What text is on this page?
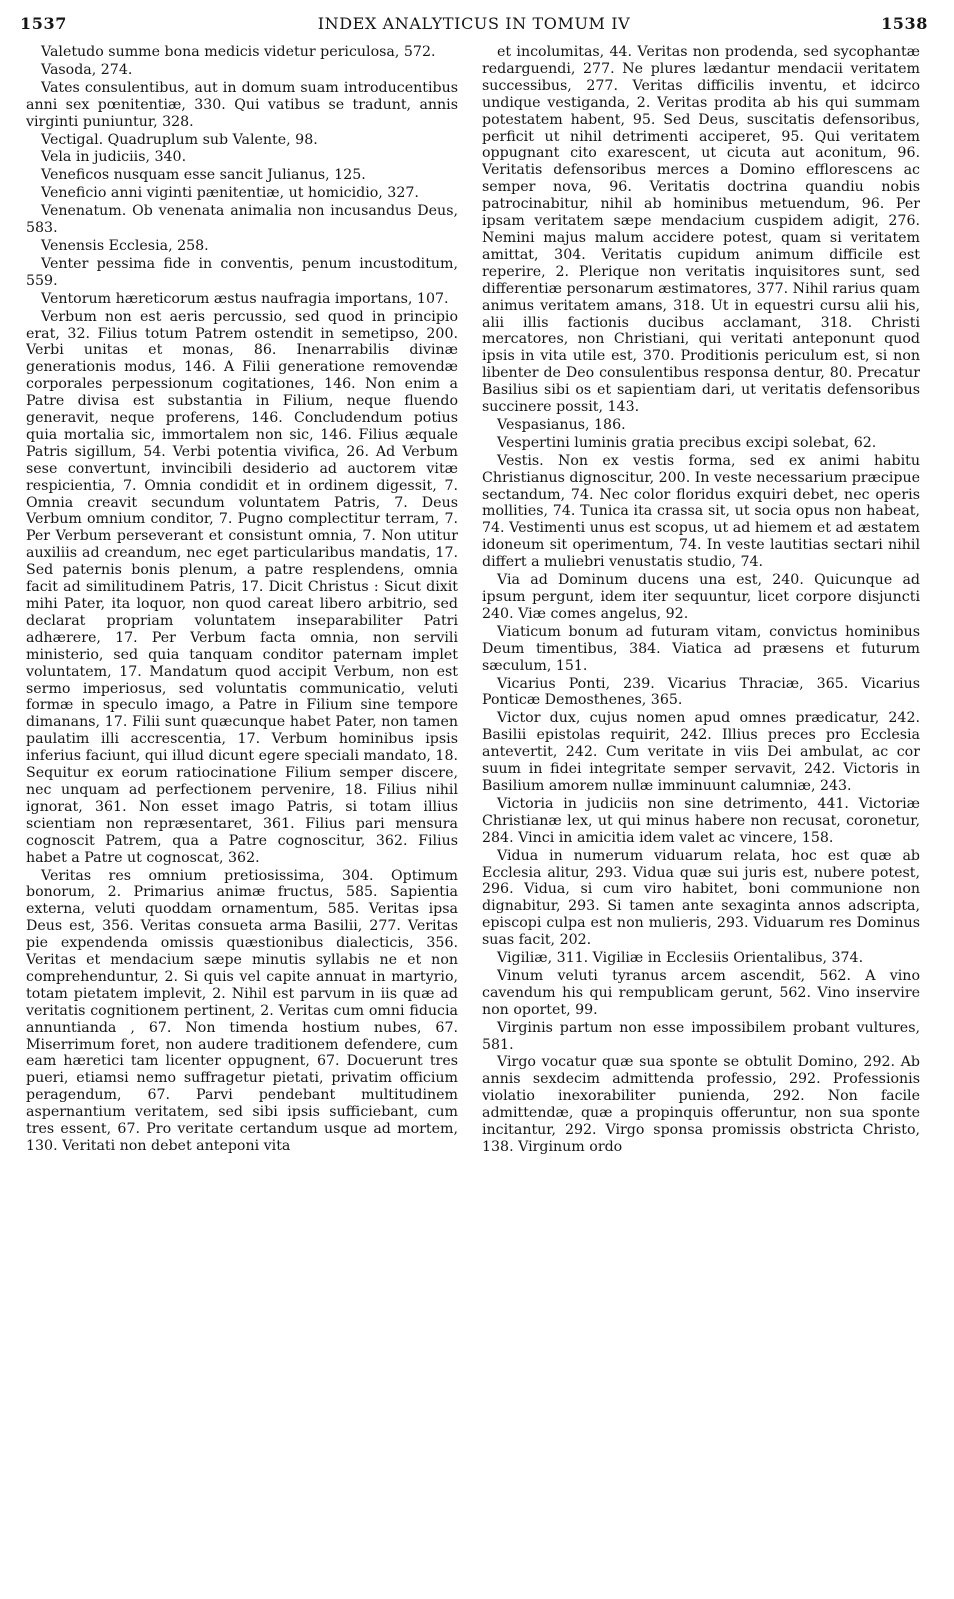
1537	INDEX ANALYTICUS IN TOMUM IV	1538

Valetudo summe bona medicis videtur periculosa, 572.

Vasoda, 274.

Vates consulentibus, aut in domum suam introducentibus anni sex pœnitentiæ, 330. Qui vatibus se tradunt, annis virginti puniuntur, 328.

Vectigal. Quadruplum sub Valente, 98.

Vela in judiciis, 340.

Veneficos nusquam esse sancit Julianus, 125.

Veneficio anni viginti pænitentiæ, ut homicidio, 327.

Venenatum. Ob venenata animalia non incusandus Deus, 583.

Venensis Ecclesia, 258.

Venter pessima fide in conventis, penum incustoditum, 559.

Ventorum hæreticorum æstus naufragia importans, 107.

Verbum non est aeris percussio, sed quod in principio erat, 32. Filius totum Patrem ostendit in semetipso, 200. Verbi unitas et monas, 86. Inenarrabilis divinæ generationis modus, 146. A Filii generatione removendæ corporales perpessionum cogitationes, 146. Non enim a Patre divisa est substantia in Filium, neque fluendo generavit, neque proferens, 146. Concludendum potius quia mortalia sic, immortalem non sic, 146. Filius æquale Patris sigillum, 54. Verbi potentia vivifica, 26. Ad Verbum sese convertunt, invincibili desiderio ad auctorem vitæ respicientia, 7. Omnia condidit et in ordinem digessit, 7. Omnia creavit secundum voluntatem Patris, 7. Deus Verbum omnium conditor, 7. Pugno complectitur terram, 7. Per Verbum perseverant et consistunt omnia, 7. Non utitur auxiliis ad creandum, nec eget particularibus mandatis, 17. Sed paternis bonis plenum, a patre resplendens, omnia facit ad similitudinem Patris, 17. Dicit Christus : Sicut dixit mihi Pater, ita loquor, non quod careat libero arbitrio, sed declarat propriam voluntatem inseparabiliter Patri adhærere, 17. Per Verbum facta omnia, non servili ministerio, sed quia tanquam conditor paternam implet voluntatem, 17. Mandatum quod accipit Verbum, non est sermo imperiosus, sed voluntatis communicatio, veluti formæ in speculo imago, a Patre in Filium sine tempore dimanans, 17. Filii sunt quæcunque habet Pater, non tamen paulatim illi accrescentia, 17. Verbum hominibus ipsis inferius faciunt, qui illud dicunt egere speciali mandato, 18. Sequitur ex eorum ratiocinatione Filium semper discere, nec unquam ad perfectionem pervenire, 18. Filius nihil ignorat, 361. Non esset imago Patris, si totam illius scientiam non repræsentaret, 361. Filius pari mensura cognoscit Patrem, qua a Patre cognoscitur, 362. Filius habet a Patre ut cognoscat, 362.

Veritas res omnium pretiosissima, 304. Optimum bonorum, 2. Primarius animæ fructus, 585. Sapientia externa, veluti quoddam ornamentum, 585. Veritas ipsa Deus est, 356. Veritas consueta arma Basilii, 277. Veritas pie expendenda omissis quæstionibus dialecticis, 356. Veritas et mendacium sæpe minutis syllabis ne et non comprehenduntur, 2. Si quis vel capite annuat in martyrio, totam pietatem implevit, 2. Nihil est parvum in iis quæ ad veritatis cognitionem pertinent, 2. Veritas cum omni fiducia annuntianda , 67. Non timenda hostium nubes, 67. Miserrimum foret, non audere traditionem defendere, cum eam hæretici tam licenter oppugnent, 67. Docuerunt tres pueri, etiamsi nemo suffragetur pietati, privatim officium peragendum, 67. Parvi pendebant multitudinem aspernantium veritatem, sed sibi ipsis sufficiebant, cum tres essent, 67. Pro veritate certandum usque ad mortem, 130. Veritati non debet anteponi vita

et incolumitas, 44. Veritas non prodenda, sed sycophantæ redarguendi, 277. Ne plures lædantur mendacii veritatem successibus, 277. Veritas difficilis inventu, et idcirco undique vestiganda, 2. Veritas prodita ab his qui summam potestatem habent, 95. Sed Deus, suscitatis defensoribus, perficit ut nihil detrimenti acciperet, 95. Qui veritatem oppugnant cito exarescent, ut cicuta aut aconitum, 96. Veritatis defensoribus merces a Domino efflorescens ac semper nova, 96. Veritatis doctrina quandiu nobis patrocinabitur, nihil ab hominibus metuendum, 96. Per ipsam veritatem sæpe mendacium cuspidem adigit, 276. Nemini majus malum accidere potest, quam si veritatem amittat, 304. Veritatis cupidum animum difficile est reperire, 2. Plerique non veritatis inquisitores sunt, sed differentiæ personarum æstimatores, 377. Nihil rarius quam animus veritatem amans, 318. Ut in equestri cursu alii his, alii illis factionis ducibus acclamant, 318. Christi mercatores, non Christiani, qui veritati anteponunt quod ipsis in vita utile est, 370. Proditionis periculum est, si non libenter de Deo consulentibus responsa dentur, 80. Precatur Basilius sibi os et sapientiam dari, ut veritatis defensoribus succinere possit, 143.

Vespasianus, 186.

Vespertini luminis gratia precibus excipi solebat, 62.

Vestis. Non ex vestis forma, sed ex animi habitu Christianus dignoscitur, 200. In veste necessarium præcipue sectandum, 74. Nec color floridus exquiri debet, nec operis mollities, 74. Tunica ita crassa sit, ut socia opus non habeat, 74. Vestimenti unus est scopus, ut ad hiemem et ad æstatem idoneum sit operimentum, 74. In veste lautitias sectari nihil differt a muliebri venustatis studio, 74.

Via ad Dominum ducens una est, 240. Quicunque ad ipsum pergunt, idem iter sequuntur, licet corpore disjuncti 240. Viæ comes angelus, 92.

Viaticum bonum ad futuram vitam, convictus hominibus Deum timentibus, 384. Viatica ad præsens et futurum sæculum, 151.

Vicarius Ponti, 239. Vicarius Thraciæ, 365. Vicarius Ponticæ Demosthenes, 365.

Victor dux, cujus nomen apud omnes prædicatur, 242. Basilii epistolas requirit, 242. Illius preces pro Ecclesia antevertit, 242. Cum veritate in viis Dei ambulat, ac cor suum in fidei integritate semper servavit, 242. Victoris in Basilium amorem nullæ imminuunt calumniæ, 243.

Victoria in judiciis non sine detrimento, 441. Victoriæ Christianæ lex, ut qui minus habere non recusat, coronetur, 284. Vinci in amicitia idem valet ac vincere, 158.

Vidua in numerum viduarum relata, hoc est quæ ab Ecclesia alitur, 293. Vidua quæ sui juris est, nubere potest, 296. Vidua, si cum viro habitet, boni communione non dignabitur, 293. Si tamen ante sexaginta annos adscripta, episcopi culpa est non mulieris, 293. Viduarum res Dominus suas facit, 202.

Vigiliæ, 311. Vigiliæ in Ecclesiis Orientalibus, 374.

Vinum veluti tyranus arcem ascendit, 562. A vino cavendum his qui rempublicam gerunt, 562. Vino inservire non oportet, 99.

Virginis partum non esse impossibilem probant vultures, 581.

Virgo vocatur quæ sua sponte se obtulit Domino, 292. Ab annis sexdecim admittenda professio, 292. Professionis violatio inexorabiliter punienda, 292. Non facile admittendæ, quæ a propinquis offeruntur, non sua sponte incitantur, 292. Virgo sponsa promissis obstricta Christo, 138. Virginum ordo
